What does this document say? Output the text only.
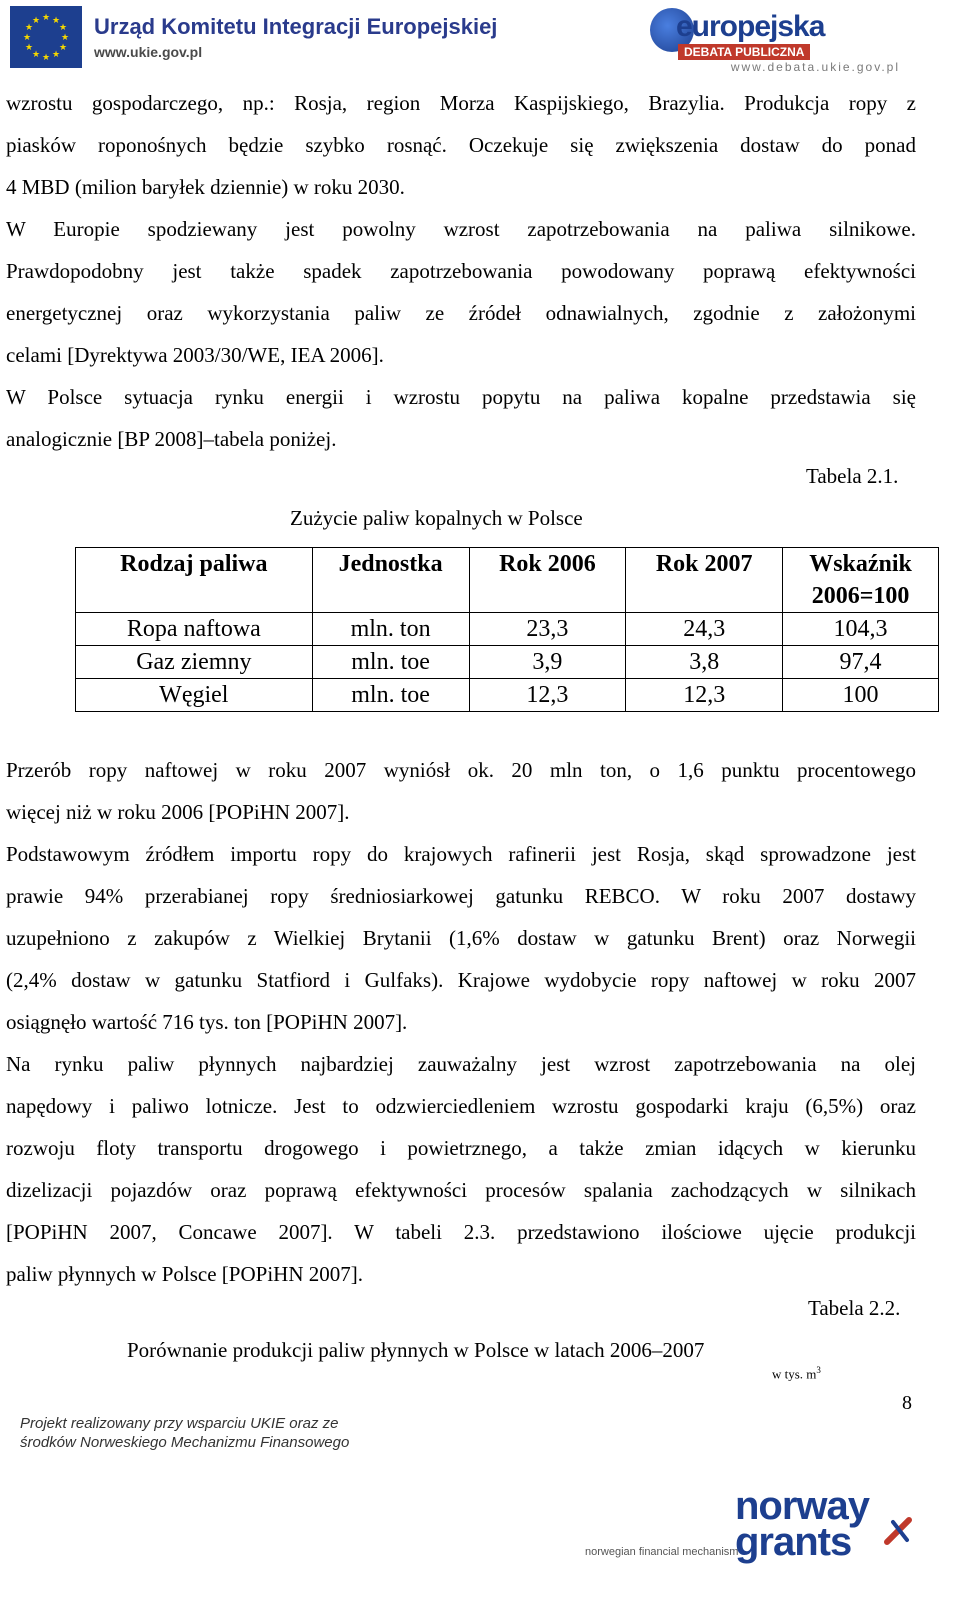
★ ★
★
★
★
★
★
★
★
★
★
★ Urząd Komitetu Integracji Europejskiej
www.ukie.gov.pl
europejska
DEBATA PUBLICZNA
www.debata.ukie.gov.pl
wzrostu gospodarczego, np.: Rosja, region Morza Kaspijskiego, Brazylia. Produkcja ropy z
piasków roponośnych będzie szybko rosnąć. Oczekuje się zwiększenia dostaw do ponad
4 MBD (milion baryłek dziennie) w roku 2030.
W Europie spodziewany jest powolny wzrost zapotrzebowania na paliwa silnikowe.
Prawdopodobny jest także spadek zapotrzebowania powodowany poprawą efektywności
energetycznej oraz wykorzystania paliw ze źródeł odnawialnych, zgodnie z założonymi
celami [Dyrektywa 2003/30/WE, IEA 2006].
W Polsce sytuacja rynku energii i wzrostu popytu na paliwa kopalne przedstawia się
analogicznie [BP 2008]–tabela poniżej.
Tabela 2.1.
Zużycie paliw kopalnych w Polsce
Rodzaj paliwa	Jednostka	Rok 2006	Rok 2007	Wskaźnik
2006=100
Ropa naftowa	mln. ton	23,3	24,3	104,3
Gaz ziemny	mln. toe	3,9	3,8	97,4
Węgiel	mln. toe	12,3	12,3	100
Przerób ropy naftowej w roku 2007 wyniósł ok. 20 mln ton, o 1,6 punktu procentowego
więcej niż w roku 2006 [POPiHN 2007].
Podstawowym źródłem importu ropy do krajowych rafinerii jest Rosja, skąd sprowadzone jest
prawie 94% przerabianej ropy średniosiarkowej gatunku REBCO. W roku 2007 dostawy
uzupełniono z zakupów z Wielkiej Brytanii (1,6% dostaw w gatunku Brent) oraz Norwegii
(2,4% dostaw w gatunku Statfiord i Gulfaks). Krajowe wydobycie ropy naftowej w roku 2007
osiągnęło wartość 716 tys. ton [POPiHN 2007].
Na rynku paliw płynnych najbardziej zauważalny jest wzrost zapotrzebowania na olej
napędowy i paliwo lotnicze. Jest to odzwierciedleniem wzrostu gospodarki kraju (6,5%) oraz
rozwoju floty transportu drogowego i powietrznego, a także zmian idących w kierunku
dizelizacji pojazdów oraz poprawą efektywności procesów spalania zachodzących w silnikach
[POPiHN 2007, Concawe 2007]. W tabeli 2.3. przedstawiono ilościowe ujęcie produkcji
paliw płynnych w Polsce [POPiHN 2007].
Tabela 2.2.
Porównanie produkcji paliw płynnych w Polsce w latach 2006–2007
w tys. $m^3$
8
Projekt realizowany przy wsparciu UKIE oraz ze
środków Norweskiego Mechanizmu Finansowego
norway
grants
norwegian financial mechanism
